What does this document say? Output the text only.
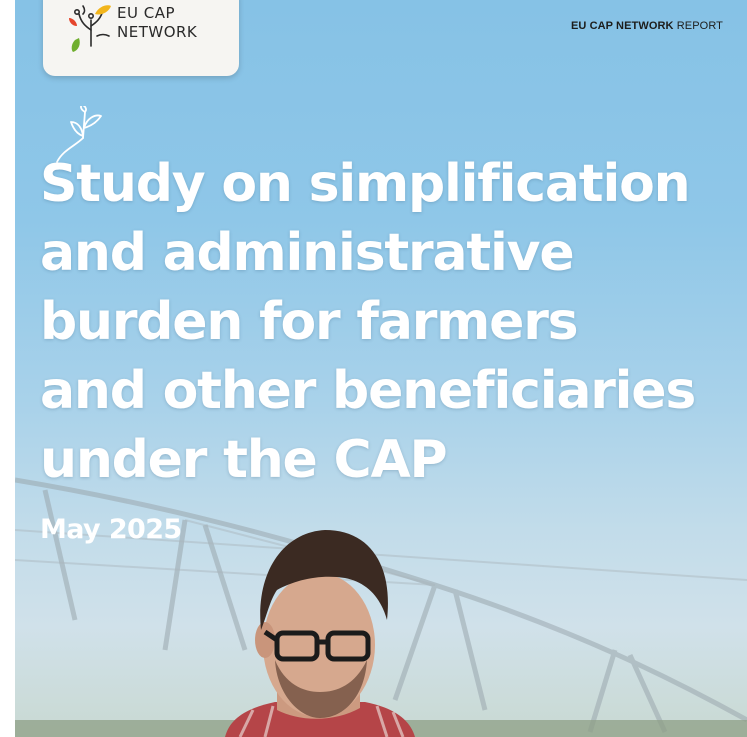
EU CAP
NETWORK	EU CAP NETWORK REPORT
Study on simplification
and administrative
burden for farmers
and other beneficiaries
under the CAP
May 2025
